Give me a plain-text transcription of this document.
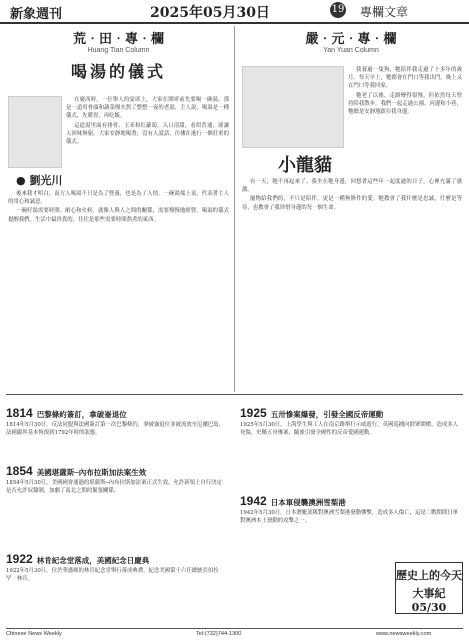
新象週刊	2025年05月30日	19 專欄文章
荒‧田‧專‧欄
Huang Tian Column
喝湯的儀式
● 劉光川

在廣西時，一位舉人的宴席上，大家在開席前先要喝一碗湯。那是一道用骨頭和蔬菜慢火熬了整整一夜的老湯，主人說，喝湯是一種儀式，先暖胃，再吃飯。

這道湯里面有排骨、玉米和紅蘿蔔，入口清甜，看似普通，卻讓人回味無窮。大家安靜地喝著，沒有人說話，彷彿在進行一個莊重的儀式。

後來我才明白，南方人喝湯不只是為了營養，也是為了人情。一碗湯端上桌，代表著主人的用心和誠意。

一碗好湯需要時間、耐心和火候，就像人與人之間的關係，需要慢慢地經營。喝湯的儀式提醒我們，生活中最珍貴的，往往是那些需要時間熬煮的東西。

嚴‧元‧專‧欄
Yan Yuan Column
小龍貓

我養過一隻狗，牠陪伴我走過了十多年的歲月。每天早上，牠都會在門口等我出門，晚上又在門口等我回家。

牠老了以後，走路變得很慢，但依然每天堅持陪我散步。我們一起走過公園、河邊和小巷，牠總是安靜地跟在我身邊。

有一天，牠不再起來了。我坐在牠身邊，回想著這些年一起度過的日子，心裡充滿了感激。

寵物給我們的，不只是陪伴，更是一種無條件的愛。牠教會了我什麼是忠誠，什麼是等待，也教會了我珍惜身邊的每一個生命。

1814 巴黎條約簽訂，拿破崙退位
1814年5月30日，反法同盟與法國簽訂第一次巴黎條約，拿破崙退位並被流放至厄爾巴島，法國疆界基本恢復到1792年時的狀態。
1854 美國堪薩斯─內布拉斯加法案生效
1854年5月30日，美國國會通過的堪薩斯─內布拉斯加法案正式生效，允許新領土自行決定是否允許奴隸制，加劇了南北之間的緊張關係。
1922 林肯紀念堂落成，美國紀念日慶典
1922年5月30日，位於華盛頓的林肯紀念堂舉行落成典禮，紀念美國第十六任總統亞伯拉罕‧林肯。
1925 五卅慘案爆發，引發全國反帝運動
1925年5月30日，上海學生與工人在南京路舉行示威遊行，英國巡捕向群眾開槍，造成多人死傷，史稱五卅慘案，隨後引發全國性的反帝愛國運動。
1942 日本軍侵襲澳洲雪梨港
1942年5月30日，日本潛艇部隊對澳洲雪梨港發動襲擊，造成多人傷亡，這是二戰期間日軍對澳洲本土發動的攻擊之一。
歷史上的今天
大事紀 05/30
Chinese News Weekly	Tel:(732)744-1300	www.newsweekly.com
